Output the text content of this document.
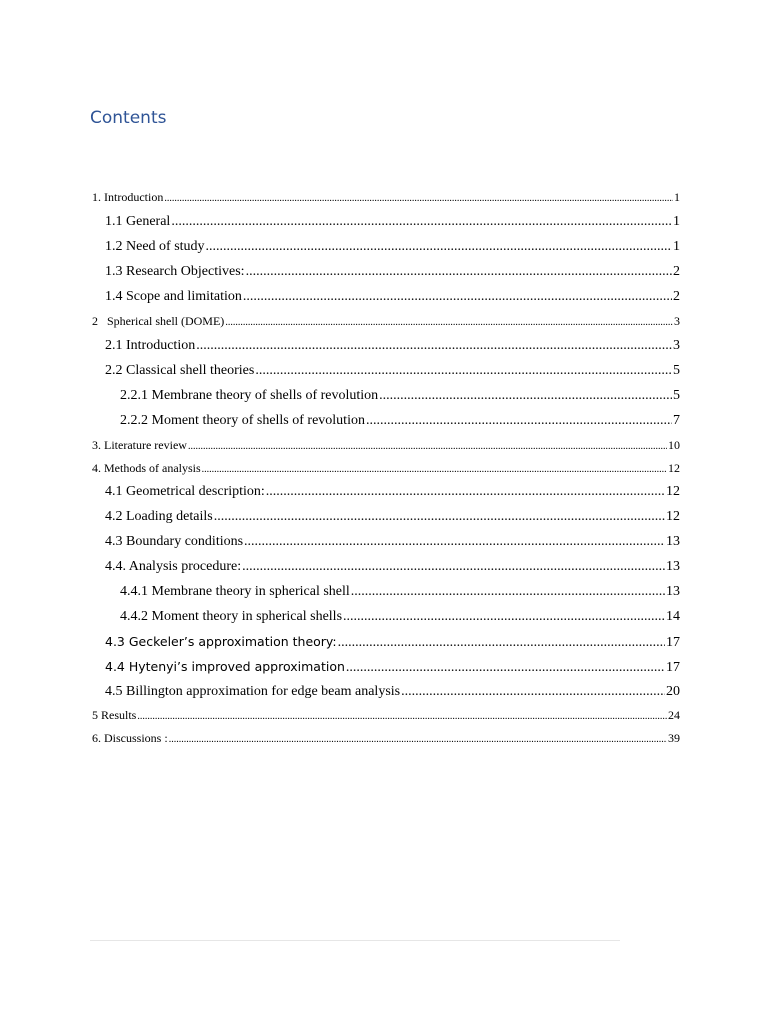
Contents
1. Introduction .....	1
1.1 General .....	1
1.2 Need of study .....	1
1.3 Research Objectives: .....	2
1.4 Scope and limitation .....	2
2   Spherical shell (DOME) .....	3
2.1 Introduction .....	3
2.2 Classical shell theories .....	5
2.2.1 Membrane theory of shells of revolution .....	5
2.2.2 Moment theory of shells of revolution .....	7
3. Literature review .....	10
4. Methods of analysis .....	12
4.1 Geometrical description: .....	12
4.2 Loading details .....	12
4.3 Boundary conditions .....	13
4.4. Analysis procedure: .....	13
4.4.1 Membrane theory in spherical shell .....	13
4.4.2 Moment theory in spherical shells .....	14
4.3 Geckeler’s approximation theory: .....	17
4.4 Hytenyi’s improved approximation .....	17
4.5 Billington approximation for edge beam analysis .....	20
5 Results .....	24
6. Discussions : .....	39
